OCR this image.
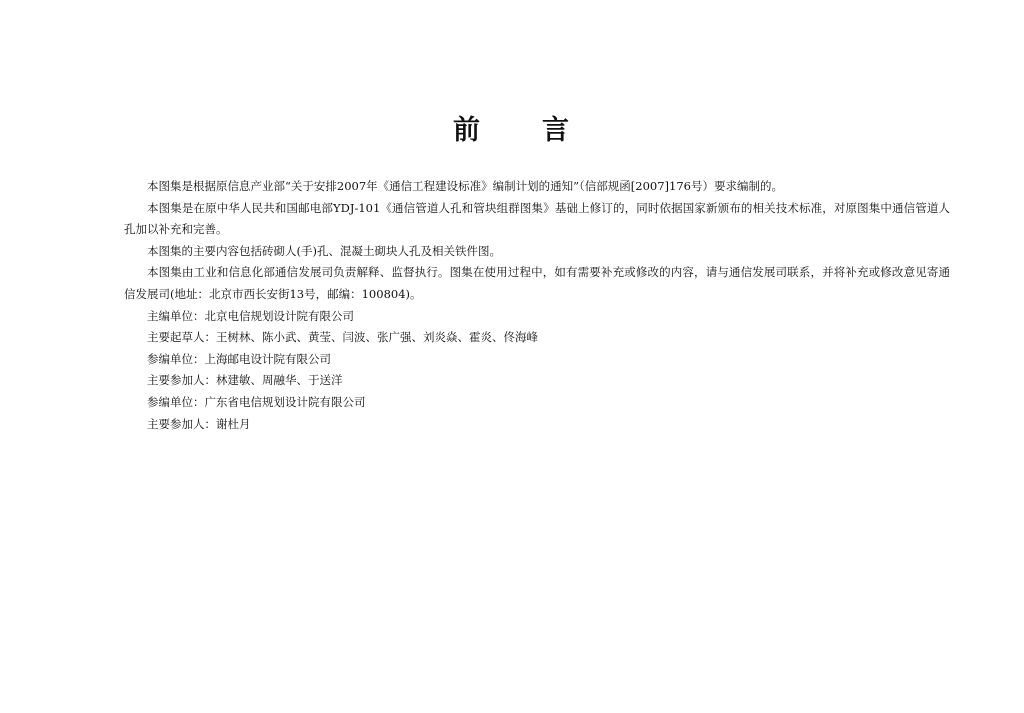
前 言

本图集是根据原信息产业部“关于安排2007年《通信工程建设标准》编制计划的通知”（信部规函[2007]176号）要求编制的。

本图集是在原中华人民共和国邮电部YDJ-101《通信管道人孔和管块组群图集》基础上修订的，同时依据国家新颁布的相关技术标准，对原图集中通信管道人孔加以补充和完善。

本图集的主要内容包括砖砌人(手)孔、混凝土砌块人孔及相关铁件图。

本图集由工业和信息化部通信发展司负责解释、监督执行。图集在使用过程中，如有需要补充或修改的内容，请与通信发展司联系，并将补充或修改意见寄通信发展司(地址：北京市西长安街13号，邮编：100804)。

主编单位：北京电信规划设计院有限公司

主要起草人：王树林、陈小武、黄莹、闫波、张广强、刘炎焱、霍炎、佟海峰

参编单位：上海邮电设计院有限公司

主要参加人：林建敏、周融华、于送洋

参编单位：广东省电信规划设计院有限公司

主要参加人：谢杜月
